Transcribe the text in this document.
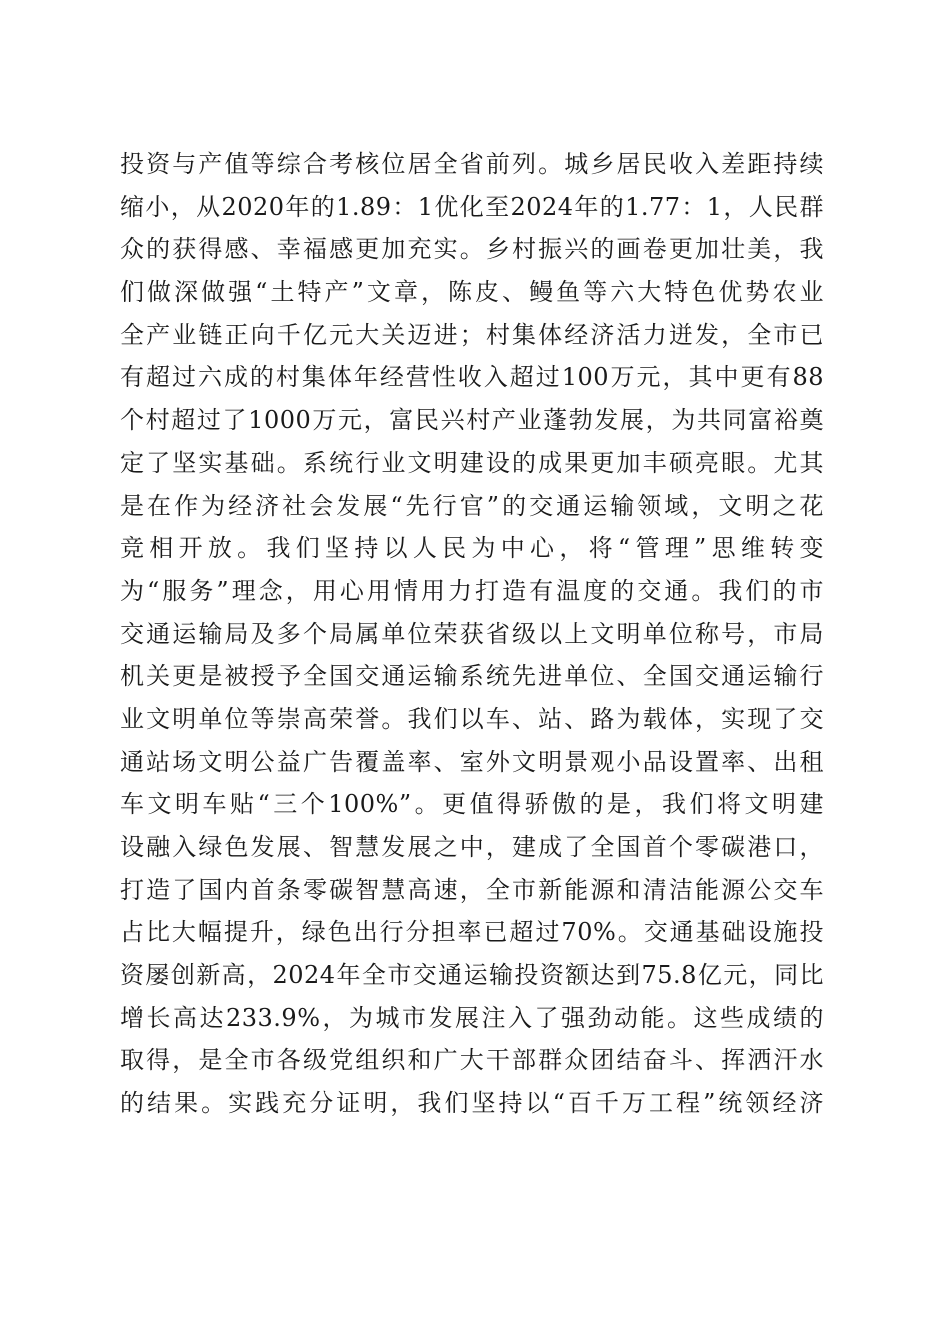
投资与产值等综合考核位居全省前列。城乡居民收入差距持续
缩小，从2020年的1.89：1优化至2024年的1.77：1，人民群
众的获得感、幸福感更加充实。乡村振兴的画卷更加壮美，我
们做深做强“土特产”文章，陈皮、鳗鱼等六大特色优势农业
全产业链正向千亿元大关迈进；村集体经济活力迸发，全市已
有超过六成的村集体年经营性收入超过100万元，其中更有88
个村超过了1000万元，富民兴村产业蓬勃发展，为共同富裕奠
定了坚实基础。系统行业文明建设的成果更加丰硕亮眼。尤其
是在作为经济社会发展“先行官”的交通运输领域，文明之花
竞相开放。我们坚持以人民为中心，将“管理”思维转变
为“服务”理念，用心用情用力打造有温度的交通。我们的市
交通运输局及多个局属单位荣获省级以上文明单位称号，市局
机关更是被授予全国交通运输系统先进单位、全国交通运输行
业文明单位等崇高荣誉。我们以车、站、路为载体，实现了交
通站场文明公益广告覆盖率、室外文明景观小品设置率、出租
车文明车贴“三个100%”。更值得骄傲的是，我们将文明建
设融入绿色发展、智慧发展之中，建成了全国首个零碳港口，
打造了国内首条零碳智慧高速，全市新能源和清洁能源公交车
占比大幅提升，绿色出行分担率已超过70%。交通基础设施投
资屡创新高，2024年全市交通运输投资额达到75.8亿元，同比
增长高达233.9%，为城市发展注入了强劲动能。这些成绩的
取得，是全市各级党组织和广大干部群众团结奋斗、挥洒汗水
的结果。实践充分证明，我们坚持以“百千万工程”统领经济
